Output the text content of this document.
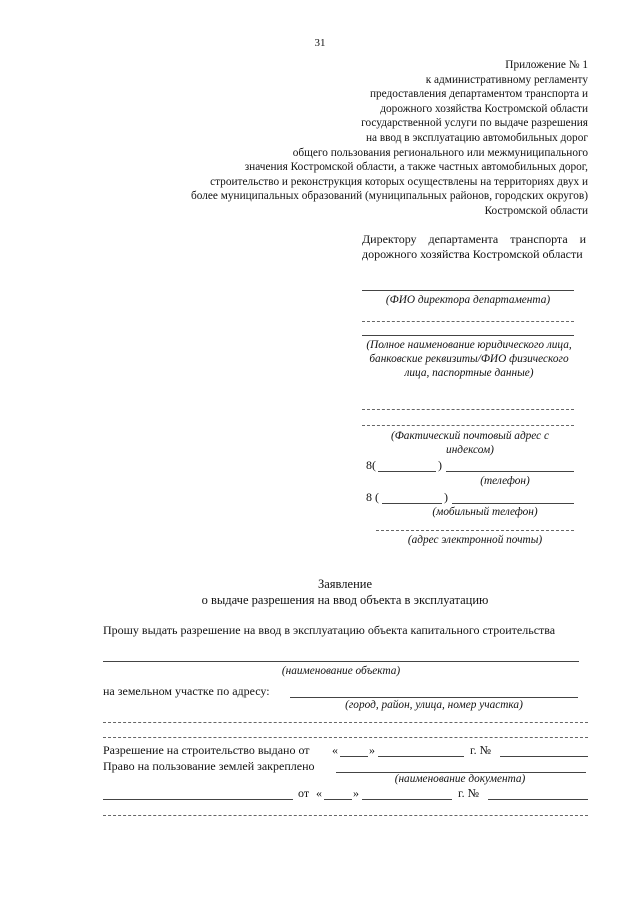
31
Приложение № 1
к административному регламенту
предоставления департаментом транспорта и
дорожного хозяйства Костромской области
государственной услуги по выдаче разрешения
на ввод в эксплуатацию автомобильных дорог
общего пользования регионального или межмуниципального
значения Костромской области, а также частных автомобильных дорог,
строительство и реконструкция которых осуществлены на территориях двух и
более муниципальных образований (муниципальных районов, городских округов)
Костромской области
Директору департамента транспорта и дорожного хозяйства Костромской области
(ФИО директора департамента)
(Полное наименование юридического лица, банковские реквизиты/ФИО физического лица, паспортные данные)
(Фактический почтовый адрес с индексом)
8(	)
(телефон)
8 (	)
(мобильный телефон)
(адрес электронной почты)
Заявление
о выдаче разрешения на ввод объекта в эксплуатацию
Прошу выдать разрешение на ввод в эксплуатацию объекта капитального строительства
(наименование объекта)
на земельном участке по адресу:
(город, район, улица, номер участка)
Разрешение на строительство выдано от «	»	г. №
Право на пользование землей закреплено
(наименование документа)
от «	»	г. №
